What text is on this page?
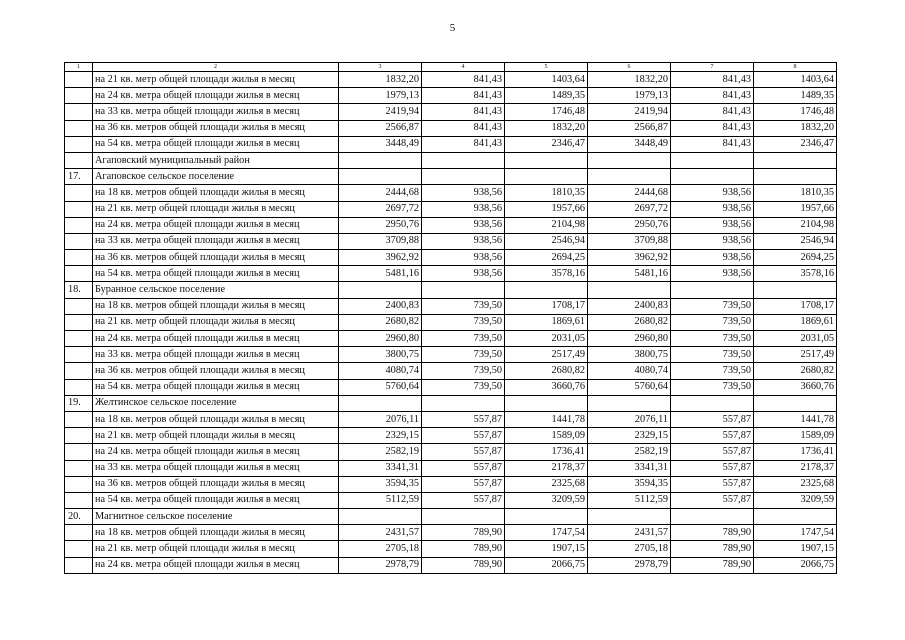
5
1	2	3	4	5	6	7	8
	на 21 кв. метр общей площади жилья в месяц	1832,20	841,43	1403,64	1832,20	841,43	1403,64
	на 24 кв. метра общей площади жилья в месяц	1979,13	841,43	1489,35	1979,13	841,43	1489,35
	на 33 кв. метра общей площади жилья в месяц	2419,94	841,43	1746,48	2419,94	841,43	1746,48
	на 36 кв. метров общей площади жилья в месяц	2566,87	841,43	1832,20	2566,87	841,43	1832,20
	на 54 кв. метра общей площади жилья в месяц	3448,49	841,43	2346,47	3448,49	841,43	2346,47
	Агаповский муниципальный район						
17.	Агаповское сельское поселение						
	на 18 кв. метров общей площади жилья в месяц	2444,68	938,56	1810,35	2444,68	938,56	1810,35
	на 21 кв. метр общей площади жилья в месяц	2697,72	938,56	1957,66	2697,72	938,56	1957,66
	на 24 кв. метра общей площади жилья в месяц	2950,76	938,56	2104,98	2950,76	938,56	2104,98
	на 33 кв. метра общей площади жилья в месяц	3709,88	938,56	2546,94	3709,88	938,56	2546,94
	на 36 кв. метров общей площади жилья в месяц	3962,92	938,56	2694,25	3962,92	938,56	2694,25
	на 54 кв. метра общей площади жилья в месяц	5481,16	938,56	3578,16	5481,16	938,56	3578,16
18.	Буранное сельское поселение						
	на 18 кв. метров общей площади жилья в месяц	2400,83	739,50	1708,17	2400,83	739,50	1708,17
	на 21 кв. метр общей площади жилья в месяц	2680,82	739,50	1869,61	2680,82	739,50	1869,61
	на 24 кв. метра общей площади жилья в месяц	2960,80	739,50	2031,05	2960,80	739,50	2031,05
	на 33 кв. метра общей площади жилья в месяц	3800,75	739,50	2517,49	3800,75	739,50	2517,49
	на 36 кв. метров общей площади жилья в месяц	4080,74	739,50	2680,82	4080,74	739,50	2680,82
	на 54 кв. метра общей площади жилья в месяц	5760,64	739,50	3660,76	5760,64	739,50	3660,76
19.	Желтинское сельское поселение						
	на 18 кв. метров общей площади жилья в месяц	2076,11	557,87	1441,78	2076,11	557,87	1441,78
	на 21 кв. метр общей площади жилья в месяц	2329,15	557,87	1589,09	2329,15	557,87	1589,09
	на 24 кв. метра общей площади жилья в месяц	2582,19	557,87	1736,41	2582,19	557,87	1736,41
	на 33 кв. метра общей площади жилья в месяц	3341,31	557,87	2178,37	3341,31	557,87	2178,37
	на 36 кв. метров общей площади жилья в месяц	3594,35	557,87	2325,68	3594,35	557,87	2325,68
	на 54 кв. метра общей площади жилья в месяц	5112,59	557,87	3209,59	5112,59	557,87	3209,59
20.	Магнитное сельское поселение						
	на 18 кв. метров общей площади жилья в месяц	2431,57	789,90	1747,54	2431,57	789,90	1747,54
	на 21 кв. метр общей площади жилья в месяц	2705,18	789,90	1907,15	2705,18	789,90	1907,15
	на 24 кв. метра общей площади жилья в месяц	2978,79	789,90	2066,75	2978,79	789,90	2066,75
